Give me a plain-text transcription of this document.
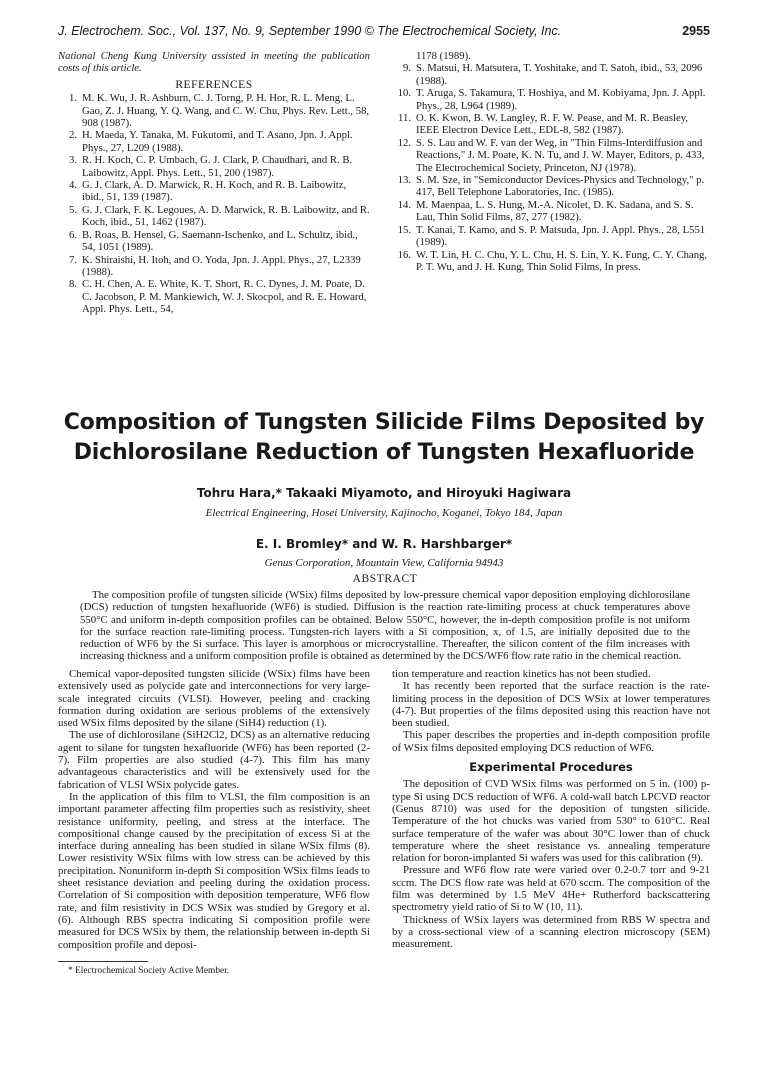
J. Electrochem. Soc., Vol. 137, No. 9, September 1990 © The Electrochemical Society, Inc.	2955

National Cheng Kung University assisted in meeting the publication costs of this article.

REFERENCES
1. M. K. Wu, J. R. Ashburn, C. J. Torng, P. H. Hor, R. L. Meng, L. Gao, Z. J. Huang, Y. Q. Wang, and C. W. Chu, Phys. Rev. Lett., 58, 908 (1987).
2. H. Maeda, Y. Tanaka, M. Fukutomi, and T. Asano, Jpn. J. Appl. Phys., 27, L209 (1988).
3. R. H. Koch, C. P. Umbach, G. J. Clark, P. Chaudhari, and R. B. Laibowitz, Appl. Phys. Lett., 51, 200 (1987).
4. G. J. Clark, A. D. Marwick, R. H. Koch, and R. B. Laibowitz, ibid., 51, 139 (1987).
5. G. J. Clark, F. K. Legoues, A. D. Marwick, R. B. Laibowitz, and R. Koch, ibid., 51, 1462 (1987).
6. B. Roas, B. Hensel, G. Saemann-Ischenko, and L. Schultz, ibid., 54, 1051 (1989).
7. K. Shiraishi, H. Itoh, and O. Yoda, Jpn. J. Appl. Phys., 27, L2339 (1988).
8. C. H. Chen, A. E. White, K. T. Short, R. C. Dynes, J. M. Poate, D. C. Jacobson, P. M. Mankiewich, W. J. Skocpol, and R. E. Howard, Appl. Phys. Lett., 54,
1178 (1989).
9. S. Matsui, H. Matsutera, T. Yoshitake, and T. Satoh, ibid., 53, 2096 (1988).
10. T. Aruga, S. Takamura, T. Hoshiya, and M. Kobiyama, Jpn. J. Appl. Phys., 28, L964 (1989).
11. O. K. Kwon, B. W. Langley, R. F. W. Pease, and M. R. Beasley, IEEE Electron Device Lett., EDL-8, 582 (1987).
12. S. S. Lau and W. F. van der Weg, in "Thin Films-Interdiffusion and Reactions," J. M. Poate, K. N. Tu, and J. W. Mayer, Editors, p. 433, The Electrochemical Society, Princeton, NJ (1978).
13. S. M. Sze, in "Semiconductor Devices-Physics and Technology," p. 417, Bell Telephone Laboratories, Inc. (1985).
14. M. Maenpaa, L. S. Hung, M.-A. Nicolet, D. K. Sadana, and S. S. Lau, Thin Solid Films, 87, 277 (1982).
15. T. Kanai, T. Kamo, and S. P. Matsuda, Jpn. J. Appl. Phys., 28, L551 (1989).
16. W. T. Lin, H. C. Chu, Y. L. Chu, H. S. Lin, Y. K. Fung, C. Y. Chang, P. T. Wu, and J. H. Kung, Thin Solid Films, In press.
Composition of Tungsten Silicide Films Deposited by
Dichlorosilane Reduction of Tungsten Hexafluoride

Tohru Hara,* Takaaki Miyamoto, and Hiroyuki Hagiwara

Electrical Engineering, Hosei University, Kajinocho, Koganei, Tokyo 184, Japan

E. I. Bromley* and W. R. Harshbarger*

Genus Corporation, Mountain View, California 94943

ABSTRACT

The composition profile of tungsten silicide (WSix) films deposited by low-pressure chemical vapor deposition employing dichlorosilane (DCS) reduction of tungsten hexafluoride (WF6) is studied. Diffusion is the reaction rate-limiting process at chuck temperatures above 550°C and uniform in-depth composition profiles can be obtained. Below 550°C, however, the in-depth composition profile is not uniform for the surface reaction rate-limiting process. Tungsten-rich layers with a Si composition, x, of 1.5, are initially deposited due to the reduction of WF6 by the Si surface. This layer is amorphous or microcrystalline. Thereafter, the silicon content of the film increases with increasing thickness and a uniform composition profile is obtained as determined by the DCS/WF6 flow rate ratio in the chemical reaction.

Chemical vapor-deposited tungsten silicide (WSix) films have been extensively used as polycide gate and interconnections for very large-scale integrated circuits (VLSI). However, peeling and cracking formation during oxidation are serious problems of the extensively used WSix films deposited by the silane (SiH4) reduction (1).

The use of dichlorosilane (SiH2Cl2, DCS) as an alternative reducing agent to silane for tungsten hexafluoride (WF6) has been reported (2-7). Film properties are also studied (4-7). This film has many advantageous characteristics and will be extensively used for the fabrication of VLSI WSix polycide gates.

In the application of this film to VLSI, the film composition is an important parameter affecting film properties such as resistivity, sheet resistance uniformity, peeling, and stress at the interface. The compositional change caused by the precipitation of excess Si at the interface during annealing has been studied in silane WSix films (8). Lower resistivity WSix films with low stress can be achieved by this precipitation. Nonuniform in-depth Si composition WSix films leads to sheet resistance deviation and peeling during the oxidation process. Correlation of Si composition with deposition temperature, WF6 flow rate, and film resistivity in DCS WSix was studied by Gregory et al. (6). Although RBS spectra indicating Si composition profile were measured for DCS WSix by them, the relationship between in-depth Si composition profile and deposi-

* Electrochemical Society Active Member.

tion temperature and reaction kinetics has not been studied.

It has recently been reported that the surface reaction is the rate-limiting process in the deposition of DCS WSix at lower temperatures (4-7). But properties of the films deposited using this reaction have not been studied.

This paper describes the properties and in-depth composition profile of WSix films deposited employing DCS reduction of WF6.

Experimental Procedures

The deposition of CVD WSix films was performed on 5 in. (100) p-type Si using DCS reduction of WF6. A cold-wall batch LPCVD reactor (Genus 8710) was used for the deposition of tungsten silicide. Temperature of the hot chucks was varied from 530° to 610°C. Real surface temperature of the wafer was about 30°C lower than of chuck temperature where the sheet resistance vs. annealing temperature relation for boron-implanted Si wafers was used for this calibration (9).

Pressure and WF6 flow rate were varied over 0.2-0.7 torr and 9-21 sccm. The DCS flow rate was held at 670 sccm. The composition of the film was determined by 1.5 MeV 4He+ Rutherford backscattering spectrometry yield ratio of Si to W (10, 11).

Thickness of WSix layers was determined from RBS W spectra and by a cross-sectional view of a scanning electron microscopy (SEM) measurement.
